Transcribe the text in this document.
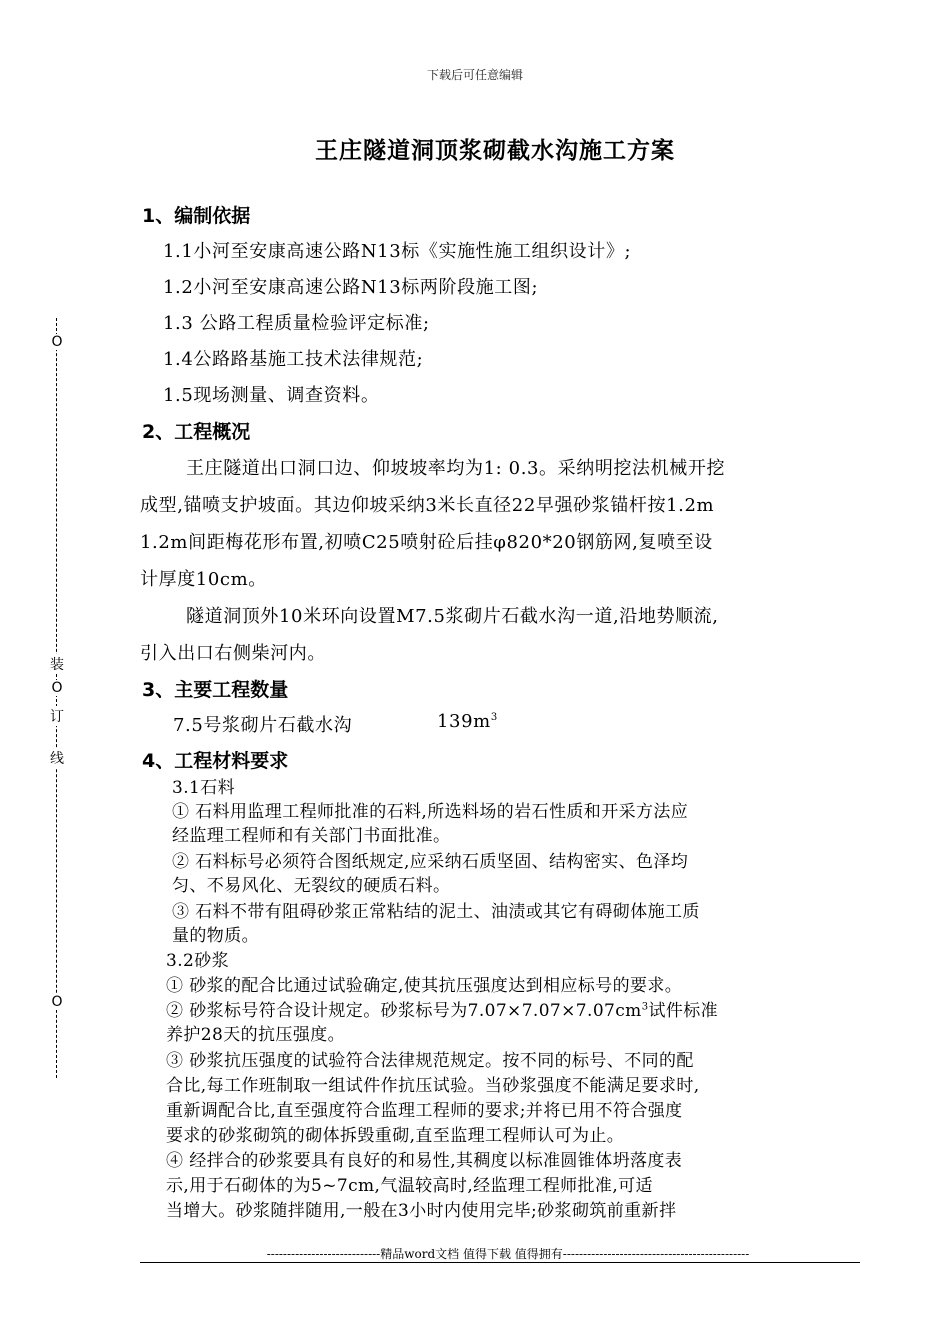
下载后可任意编辑
王庄隧道洞顶浆砌截水沟施工方案
O
装
O
订
线
O
1、编制依据
1.1小河至安康高速公路N13标《实施性施工组织设计》;
1.2小河至安康高速公路N13标两阶段施工图;
1.3 公路工程质量检验评定标准;
1.4公路路基施工技术法律规范;
1.5现场测量、调查资料。
2、工程概况
王庄隧道出口洞口边、仰坡坡率均为1: 0.3。采纳明挖法机械开挖
成型,锚喷支护坡面。其边仰坡采纳3米长直径22早强砂浆锚杆按1.2m
1.2m间距梅花形布置,初喷C25喷射砼后挂φ820*20钢筋网,复喷至设
计厚度10cm。
隧道洞顶外10米环向设置M7.5浆砌片石截水沟一道,沿地势顺流,
引入出口右侧柴河内。
3、主要工程数量
7.5号浆砌片石截水沟	$139m^3$
4、工程材料要求
3.1石料
① 石料用监理工程师批准的石料,所选料场的岩石性质和开采方法应
经监理工程师和有关部门书面批准。
② 石料标号必须符合图纸规定,应采纳石质坚固、结构密实、色泽均
匀、不易风化、无裂纹的硬质石料。
③ 石料不带有阻碍砂浆正常粘结的泥土、油渍或其它有碍砌体施工质
量的物质。
3.2砂浆
① 砂浆的配合比通过试验确定,使其抗压强度达到相应标号的要求。
② 砂浆标号符合设计规定。砂浆标号为$7.07\times 7.07\times 7.07cm^3$试件标准
养护28天的抗压强度。
③ 砂浆抗压强度的试验符合法律规范规定。按不同的标号、不同的配
合比,每工作班制取一组试件作抗压试验。当砂浆强度不能满足要求时,
重新调配合比,直至强度符合监理工程师的要求;并将已用不符合强度
要求的砂浆砌筑的砌体拆毁重砌,直至监理工程师认可为止。
④ 经拌合的砂浆要具有良好的和易性,其稠度以标准圆锥体坍落度表
示,用于石砌体的为5~7cm,气温较高时,经监理工程师批准,可适
当增大。砂浆随拌随用,一般在3小时内使用完毕;砂浆砌筑前重新拌
----------------------------精品word文档 值得下载 值得拥有----------------------------------------------
